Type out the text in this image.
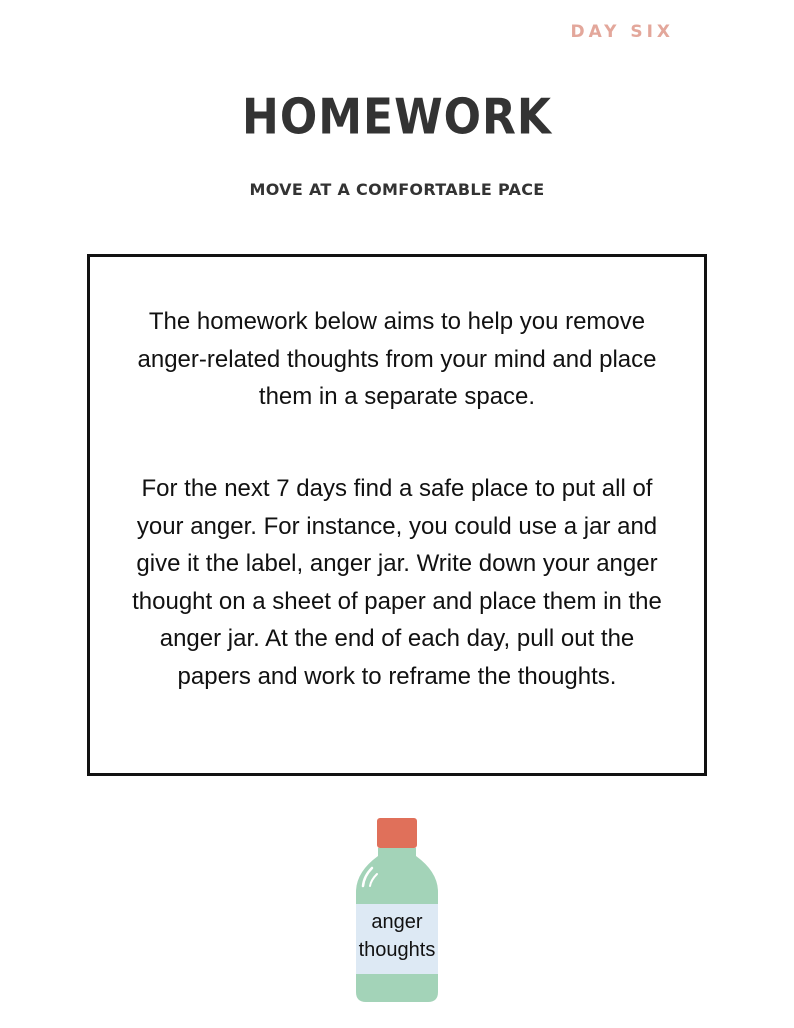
DAY SIX
HOMEWORK
MOVE AT A COMFORTABLE PACE
The homework below aims to help you remove anger-related thoughts from your mind and place them in a separate space.
For the next 7 days find a safe place to put all of your anger. For instance, you could use a jar and give it the label, anger jar. Write down your anger thought on a sheet of paper and place them in the anger jar. At the end of each day, pull out the papers and work to reframe the thoughts.
anger
thoughts
